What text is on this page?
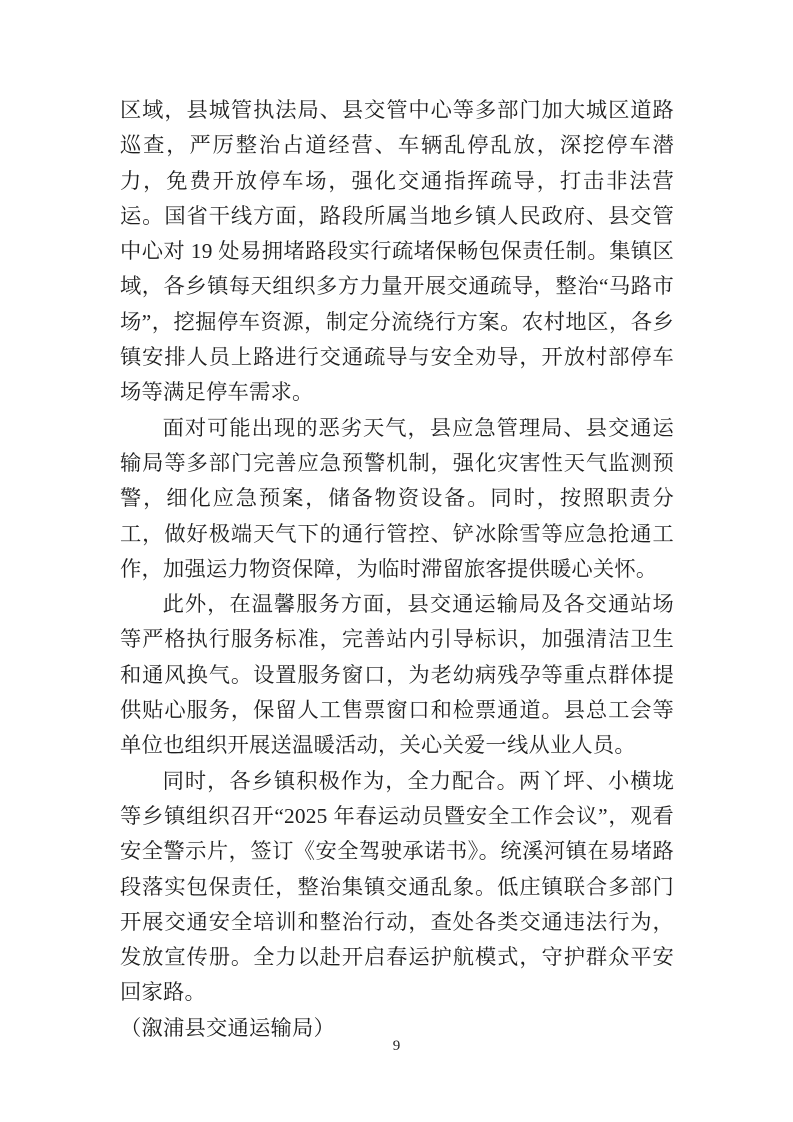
区域，县城管执法局、县交管中心等多部门加大城区道路巡查，严厉整治占道经营、车辆乱停乱放，深挖停车潜力，免费开放停车场，强化交通指挥疏导，打击非法营运。国省干线方面，路段所属当地乡镇人民政府、县交管中心对 19 处易拥堵路段实行疏堵保畅包保责任制。集镇区域，各乡镇每天组织多方力量开展交通疏导，整治“马路市场”，挖掘停车资源，制定分流绕行方案。农村地区，各乡镇安排人员上路进行交通疏导与安全劝导，开放村部停车场等满足停车需求。

面对可能出现的恶劣天气，县应急管理局、县交通运输局等多部门完善应急预警机制，强化灾害性天气监测预警，细化应急预案，储备物资设备。同时，按照职责分工，做好极端天气下的通行管控、铲冰除雪等应急抢通工作，加强运力物资保障，为临时滞留旅客提供暖心关怀。

此外，在温馨服务方面，县交通运输局及各交通站场等严格执行服务标准，完善站内引导标识，加强清洁卫生和通风换气。设置服务窗口，为老幼病残孕等重点群体提供贴心服务，保留人工售票窗口和检票通道。县总工会等单位也组织开展送温暖活动，关心关爱一线从业人员。

同时，各乡镇积极作为，全力配合。两丫坪、小横垅等乡镇组织召开“2025 年春运动员暨安全工作会议”，观看安全警示片，签订《安全驾驶承诺书》。统溪河镇在易堵路段落实包保责任，整治集镇交通乱象。低庄镇联合多部门开展交通安全培训和整治行动，查处各类交通违法行为，发放宣传册。全力以赴开启春运护航模式，守护群众平安回家路。

（溆浦县交通运输局）

9
